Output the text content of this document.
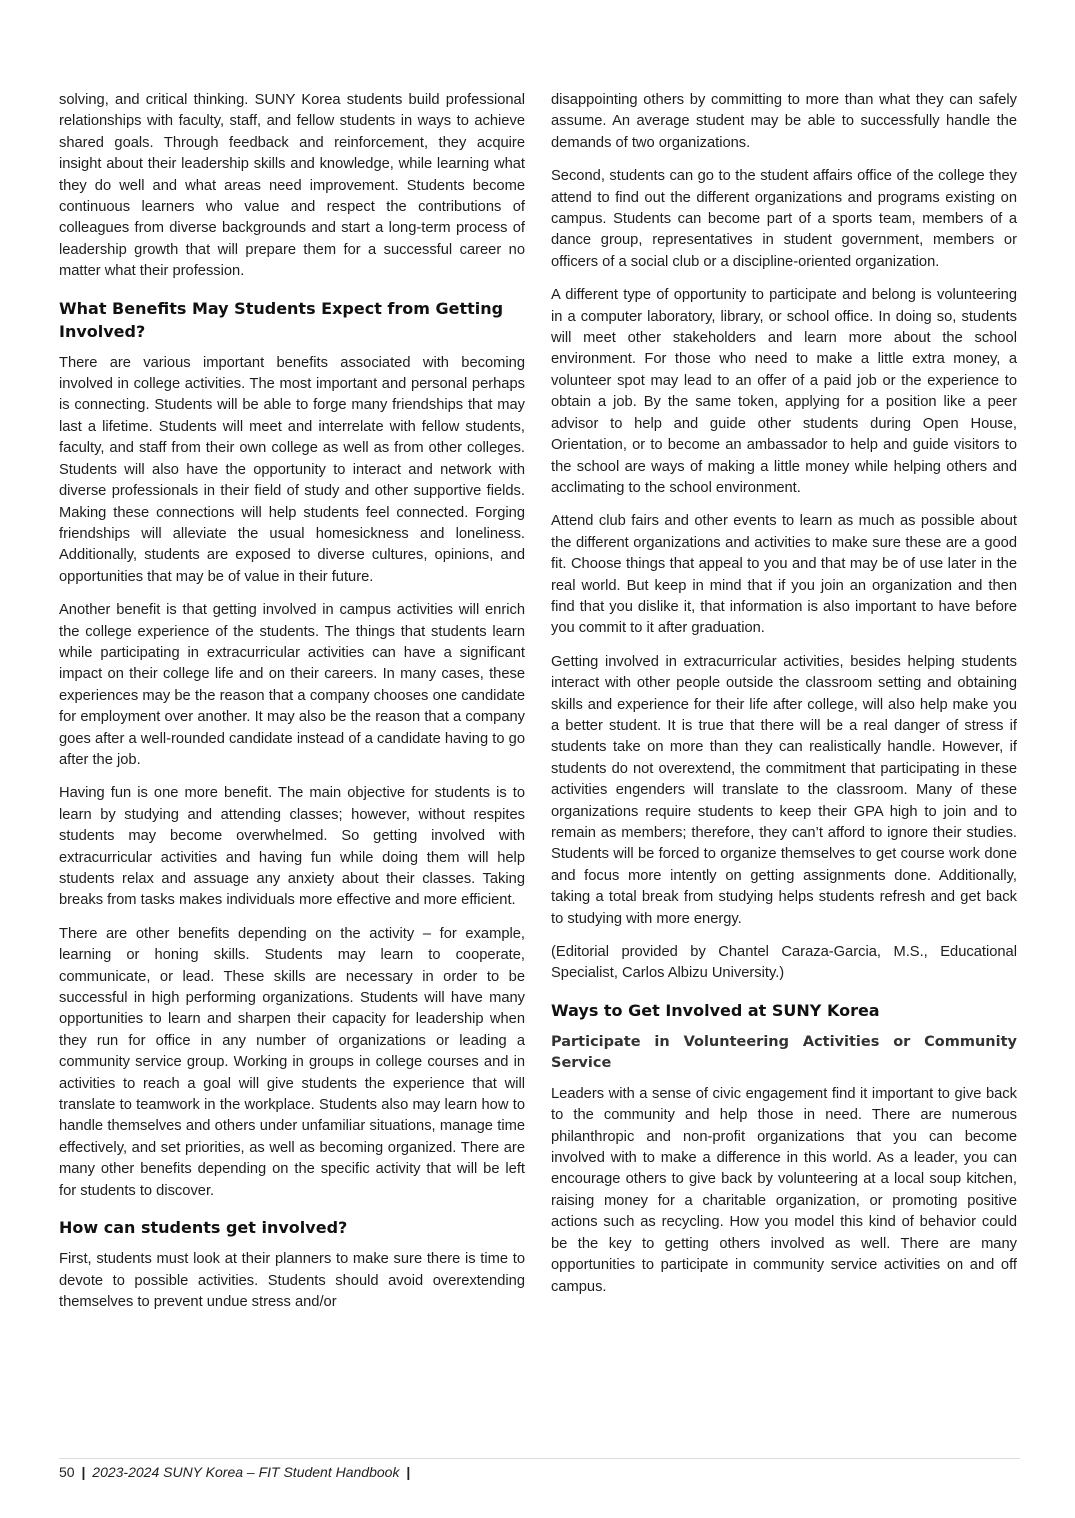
solving, and critical thinking. SUNY Korea students build professional relationships with faculty, staff, and fellow students in ways to achieve shared goals. Through feedback and reinforcement, they acquire insight about their leadership skills and knowledge, while learning what they do well and what areas need improvement. Students become continuous learners who value and respect the contributions of colleagues from diverse backgrounds and start a long-term process of leadership growth that will prepare them for a successful career no matter what their profession.

What Benefits May Students Expect from Getting Involved?

There are various important benefits associated with becoming involved in college activities. The most important and personal perhaps is connecting. Students will be able to forge many friendships that may last a lifetime. Students will meet and interrelate with fellow students, faculty, and staff from their own college as well as from other colleges. Students will also have the opportunity to interact and network with diverse professionals in their field of study and other supportive fields. Making these connections will help students feel connected. Forging friendships will alleviate the usual homesickness and loneliness. Additionally, students are exposed to diverse cultures, opinions, and opportunities that may be of value in their future.

Another benefit is that getting involved in campus activities will enrich the college experience of the students. The things that students learn while participating in extracurricular activities can have a significant impact on their college life and on their careers. In many cases, these experiences may be the reason that a company chooses one candidate for employment over another. It may also be the reason that a company goes after a well-rounded candidate instead of a candidate having to go after the job.

Having fun is one more benefit. The main objective for students is to learn by studying and attending classes; however, without respites students may become overwhelmed. So getting involved with extracurricular activities and having fun while doing them will help students relax and assuage any anxiety about their classes. Taking breaks from tasks makes individuals more effective and more efficient.

There are other benefits depending on the activity – for example, learning or honing skills. Students may learn to cooperate, communicate, or lead. These skills are necessary in order to be successful in high performing organizations. Students will have many opportunities to learn and sharpen their capacity for leadership when they run for office in any number of organizations or leading a community service group. Working in groups in college courses and in activities to reach a goal will give students the experience that will translate to teamwork in the workplace. Students also may learn how to handle themselves and others under unfamiliar situations, manage time effectively, and set priorities, as well as becoming organized. There are many other benefits depending on the specific activity that will be left for students to discover.

How can students get involved?

First, students must look at their planners to make sure there is time to devote to possible activities. Students should avoid overextending themselves to prevent undue stress and/or

disappointing others by committing to more than what they can safely assume. An average student may be able to successfully handle the demands of two organizations.

Second, students can go to the student affairs office of the college they attend to find out the different organizations and programs existing on campus. Students can become part of a sports team, members of a dance group, representatives in student government, members or officers of a social club or a discipline-oriented organization.

A different type of opportunity to participate and belong is volunteering in a computer laboratory, library, or school office. In doing so, students will meet other stakeholders and learn more about the school environment. For those who need to make a little extra money, a volunteer spot may lead to an offer of a paid job or the experience to obtain a job. By the same token, applying for a position like a peer advisor to help and guide other students during Open House, Orientation, or to become an ambassador to help and guide visitors to the school are ways of making a little money while helping others and acclimating to the school environment.

Attend club fairs and other events to learn as much as possible about the different organizations and activities to make sure these are a good fit. Choose things that appeal to you and that may be of use later in the real world. But keep in mind that if you join an organization and then find that you dislike it, that information is also important to have before you commit to it after graduation.

Getting involved in extracurricular activities, besides helping students interact with other people outside the classroom setting and obtaining skills and experience for their life after college, will also help make you a better student. It is true that there will be a real danger of stress if students take on more than they can realistically handle. However, if students do not overextend, the commitment that participating in these activities engenders will translate to the classroom. Many of these organizations require students to keep their GPA high to join and to remain as members; therefore, they can’t afford to ignore their studies. Students will be forced to organize themselves to get course work done and focus more intently on getting assignments done. Additionally, taking a total break from studying helps students refresh and get back to studying with more energy.

(Editorial provided by Chantel Caraza-Garcia, M.S., Educational Specialist, Carlos Albizu University.)

Ways to Get Involved at SUNY Korea
Participate in Volunteering Activities or Community Service

Leaders with a sense of civic engagement find it important to give back to the community and help those in need. There are numerous philanthropic and non-profit organizations that you can become involved with to make a difference in this world. As a leader, you can encourage others to give back by volunteering at a local soup kitchen, raising money for a charitable organization, or promoting positive actions such as recycling. How you model this kind of behavior could be the key to getting others involved as well. There are many opportunities to participate in community service activities on and off campus.

50 | 2023-2024 SUNY Korea – FIT Student Handbook |
